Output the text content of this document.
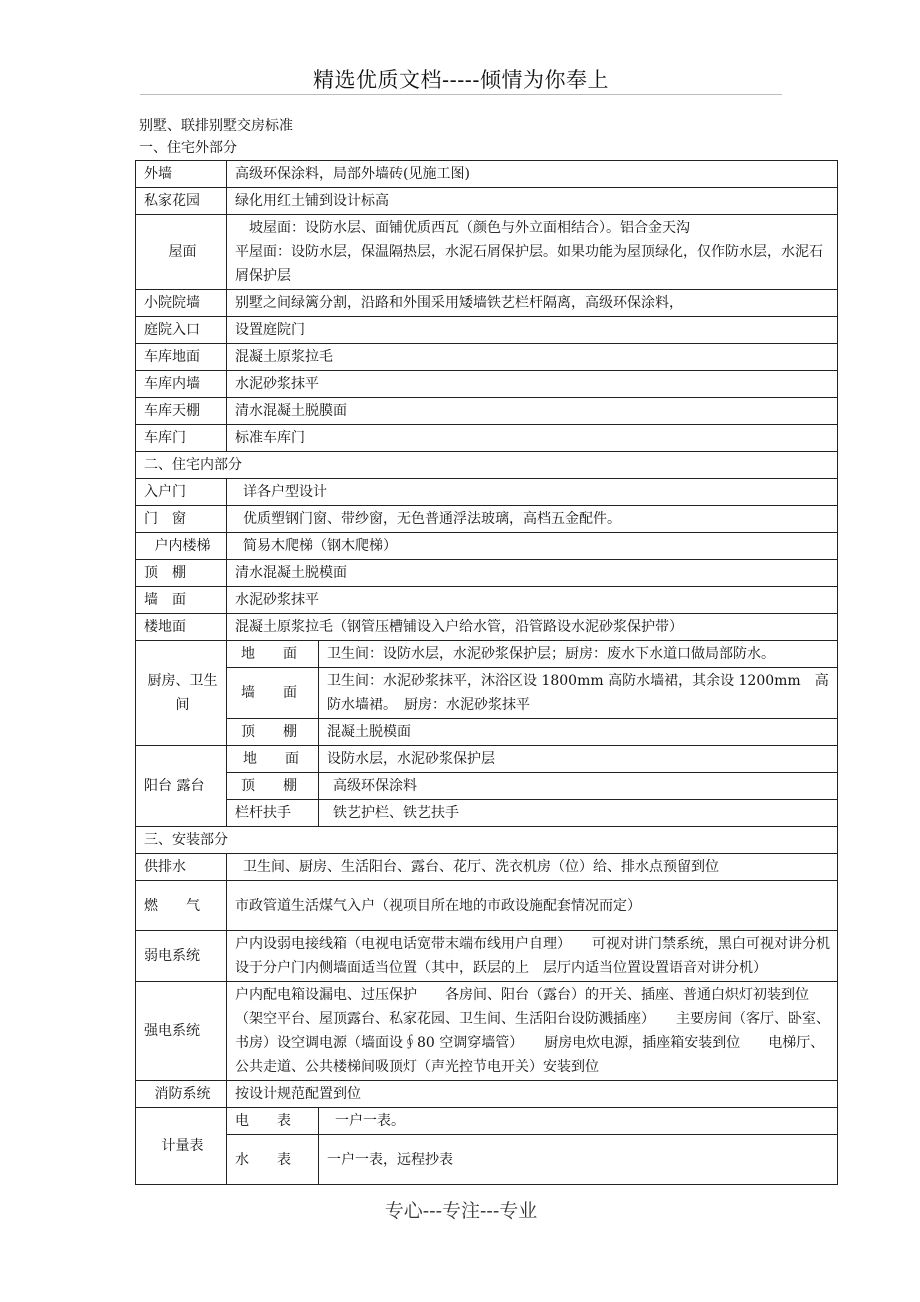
精选优质文档-----倾情为你奉上
别墅、联排别墅交房标准
一、住宅外部分
外墙	高级环保涂料，局部外墙砖(见施工图)	
私家花园	绿化用红土铺到设计标高	
屋面	坡屋面：设防水层、面铺优质西瓦（颜色与外立面相结合）。铝合金天沟
平屋面：设防水层，保温隔热层，水泥石屑保护层。如果功能为屋顶绿化，仅作防水层，水泥石屑保护层	

小院院墙	别墅之间绿篱分割，沿路和外围采用矮墙铁艺栏杆隔离，高级环保涂料，	
庭院入口	设置庭院门	
车库地面	混凝土原浆拉毛	
车库内墙	水泥砂浆抹平	
车库天棚	清水混凝土脱膜面	
车库门	标准车库门	
二、住宅内部分		
入户门	详各户型设计	
门　窗	优质塑钢门窗、带纱窗，无色普通浮法玻璃，高档五金配件。	
户内楼梯	简易木爬梯（钢木爬梯）	
顶　棚	清水混凝土脱模面	
墙　面	水泥砂浆抹平	
楼地面	混凝土原浆拉毛（钢管压槽铺设入户给水管，沿管路设水泥砂浆保护带）	
厨房、卫生间	地　　面	卫生间：设防水层，水泥砂浆保护层；厨房：废水下水道口做局部防水。
	墙　　面	卫生间：水泥砂浆抹平，沐浴区设 1800mm 高防水墙裙，其余设 1200mm　高防水墙裙。　厨房：水泥砂浆抹平
	顶　　棚	混凝土脱模面
阳台 露台	地　　面	设防水层，水泥砂浆保护层
	顶　　棚	高级环保涂料
	栏杆扶手	铁艺护栏、铁艺扶手
三、安装部分		
供排水	卫生间、厨房、生活阳台、露台、花厅、洗衣机房（位）给、排水点预留到位	
燃　　气	市政管道生活煤气入户（视项目所在地的市政设施配套情况而定）	
弱电系统	户内设弱电接线箱（电视电话宽带末端布线用户自理）　　可视对讲门禁系统，黑白可视对讲分机设于分户门内侧墙面适当位置（其中，跃层的上　层厅内适当位置设置语音对讲分机）	
强电系统	户内配电箱设漏电、过压保护　　各房间、阳台（露台）的开关、插座、普通白炽灯初装到位（架空平台、屋顶露台、私家花园、卫生间、生活阳台设防溅插座）　　主要房间（客厅、卧室、书房）设空调电源（墙面设∮80 空调穿墙管）　　厨房电炊电源，插座箱安装到位　　电梯厅、公共走道、公共楼梯间吸顶灯（声光控节电开关）安装到位	
消防系统	按设计规范配置到位	
计量表	电　　表	一户一表。
	水　　表	一户一表，远程抄表
专心---专注---专业
